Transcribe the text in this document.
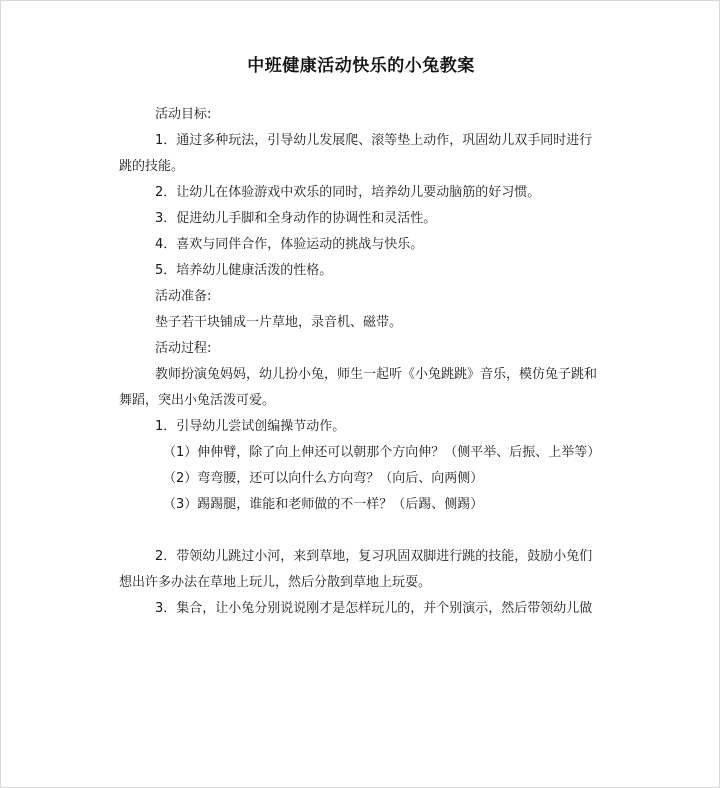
中班健康活动快乐的小兔教案

活动目标:

1．通过多种玩法，引导幼儿发展爬、滚等垫上动作，巩固幼儿双手同时进行跳的技能。

2．让幼儿在体验游戏中欢乐的同时，培养幼儿要动脑筋的好习惯。

3．促进幼儿手脚和全身动作的协调性和灵活性。

4．喜欢与同伴合作，体验运动的挑战与快乐。

5．培养幼儿健康活泼的性格。

活动准备:

垫子若干块铺成一片草地，录音机、磁带。

活动过程:

教师扮演兔妈妈，幼儿扮小兔，师生一起听《小兔跳跳》音乐，模仿兔子跳和舞蹈，突出小兔活泼可爱。

1．引导幼儿尝试创编操节动作。

（1）伸伸臂，除了向上伸还可以朝那个方向伸？（侧平举、后振、上举等）

（2）弯弯腰，还可以向什么方向弯？（向后、向两侧）

（3）踢踢腿，谁能和老师做的不一样？（后踢、侧踢）

2．带领幼儿跳过小河，来到草地，复习巩固双脚进行跳的技能，鼓励小兔们想出许多办法在草地上玩儿，然后分散到草地上玩耍。

3．集合，让小兔分别说说刚才是怎样玩儿的，并个别演示，然后带领幼儿做
